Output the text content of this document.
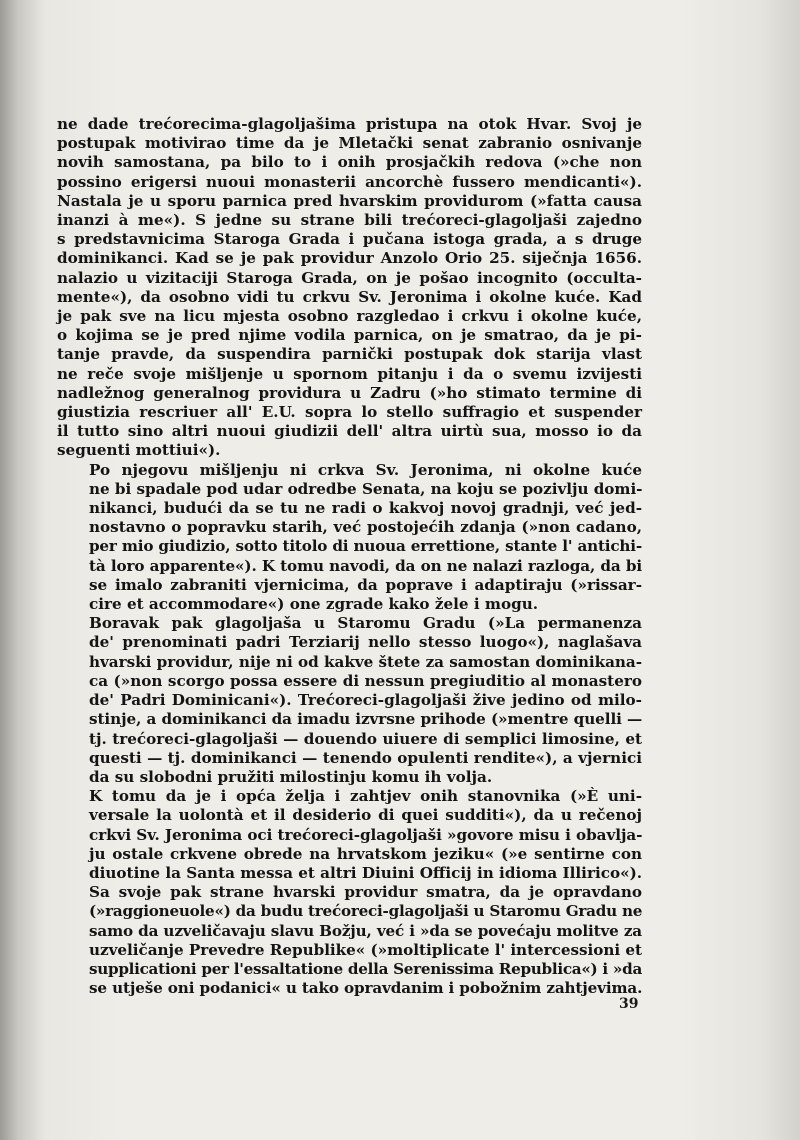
ne dade trećorecima-glagoljašima pristupa na otok Hvar. Svoj je
postupak motivirao time da je Mletački senat zabranio osnivanje
novih samostana, pa bilo to i onih prosjačkih redova (»che non
possino erigersi nuoui monasterii ancorchè fussero mendicanti«).
Nastala je u sporu parnica pred hvarskim providurom (»fatta causa
inanzi à me«). S jedne su strane bili trećoreci-glagoljaši zajedno
s predstavnicima Staroga Grada i pučana istoga grada, a s druge
dominikanci. Kad se je pak providur Anzolo Orio 25. siječnja 1656.
nalazio u vizitaciji Staroga Grada, on je pošao incognito (occulta-
mente«), da osobno vidi tu crkvu Sv. Jeronima i okolne kuće. Kad
je pak sve na licu mjesta osobno razgledao i crkvu i okolne kuće,
o kojima se je pred njime vodila parnica, on je smatrao, da je pi-
tanje pravde, da suspendira parnički postupak dok starija vlast
ne reče svoje mišljenje u spornom pitanju i da o svemu izvijesti
nadležnog generalnog providura u Zadru (»ho stimato termine di
giustizia rescriuer all' E.U. sopra lo stello suffragio et suspender
il tutto sino altri nuoui giudizii dell' altra uirtù sua, mosso io da
seguenti mottiui«).
Po njegovu mišljenju ni crkva Sv. Jeronima, ni okolne kuće
ne bi spadale pod udar odredbe Senata, na koju se pozivlju domi-
nikanci, budući da se tu ne radi o kakvoj novoj gradnji, već jed-
nostavno o popravku starih, već postojećih zdanja (»non cadano,
per mio giudizio, sotto titolo di nuoua errettione, stante l' antichi-
tà loro apparente«). K tomu navodi, da on ne nalazi razloga, da bi
se imalo zabraniti vjernicima, da poprave i adaptiraju (»rissar-
cire et accommodare«) one zgrade kako žele i mogu.
Boravak pak glagoljaša u Staromu Gradu (»La permanenza
de' prenominati padri Terziarij nello stesso luogo«), naglašava
hvarski providur, nije ni od kakve štete za samostan dominikana-
ca (»non scorgo possa essere di nessun pregiuditio al monastero
de' Padri Dominicani«). Trećoreci-glagoljaši žive jedino od milo-
stinje, a dominikanci da imadu izvrsne prihode (»mentre quelli —
tj. trećoreci-glagoljaši — douendo uiuere di semplici limosine, et
questi — tj. dominikanci — tenendo opulenti rendite«), a vjernici
da su slobodni pružiti milostinju komu ih volja.
K tomu da je i opća želja i zahtjev onih stanovnika (»È uni-
versale la uolontà et il desiderio di quei sudditi«), da u rečenoj
crkvi Sv. Jeronima oci trećoreci-glagoljaši »govore misu i obavlja-
ju ostale crkvene obrede na hrvatskom jeziku« (»e sentirne con
diuotine la Santa messa et altri Diuini Officij in idioma Illirico«).
Sa svoje pak strane hvarski providur smatra, da je opravdano
(»raggioneuole«) da budu trećoreci-glagoljaši u Staromu Gradu ne
samo da uzveličavaju slavu Božju, već i »da se povećaju molitve za
uzveličanje Prevedre Republike« (»moltiplicate l' intercessioni et
supplicationi per l'essaltatione della Serenissima Republica«) i »da
se utješe oni podanici« u tako opravdanim i pobožnim zahtjevima.
39
